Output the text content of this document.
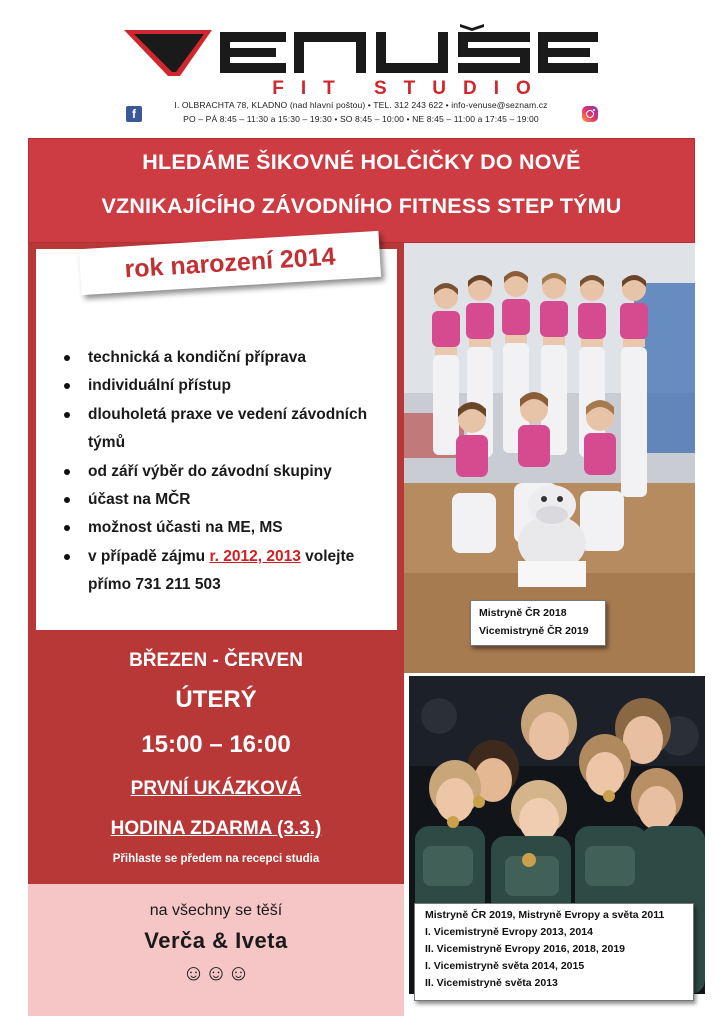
FIT STUDIO
f
I. OLBRACHTA 78, KLADNO (nad hlavní poštou) • TEL. 312 243 622 • info-venuse@seznam.cz
PO – PÁ 8:45 – 11:30 a 15:30 – 19:30 • SO 8:45 – 10:00 • NE 8:45 – 11:00 a 17:45 – 19:00
HLEDÁME ŠIKOVNÉ HOLČIČKY DO NOVĚ
VZNIKAJÍCÍHO ZÁVODNÍHO FITNESS STEP TÝMU
rok narození 2014
technická a kondiční příprava
individuální přístup
dlouholetá praxe ve vedení závodních týmů
od září výběr do závodní skupiny
účast na MČR
možnost účasti na ME, MS
v případě zájmu r. 2012, 2013 volejte přímo 731 211 503
BŘEZEN - ČERVEN
ÚTERÝ
15:00 – 16:00
PRVNÍ UKÁZKOVÁ
HODINA ZDARMA (3.3.)
Přihlaste se předem na recepci studia
na všechny se těší
Verča & Iveta
☺☺☺
Mistryně ČR 2018
Vicemistryně ČR 2019
Mistryně ČR 2019, Mistryně Evropy a světa 2011
I. Vicemistryně Evropy 2013, 2014
II. Vicemistryně Evropy 2016, 2018, 2019
I. Vicemistryně světa 2014, 2015
II. Vicemistryně světa 2013
